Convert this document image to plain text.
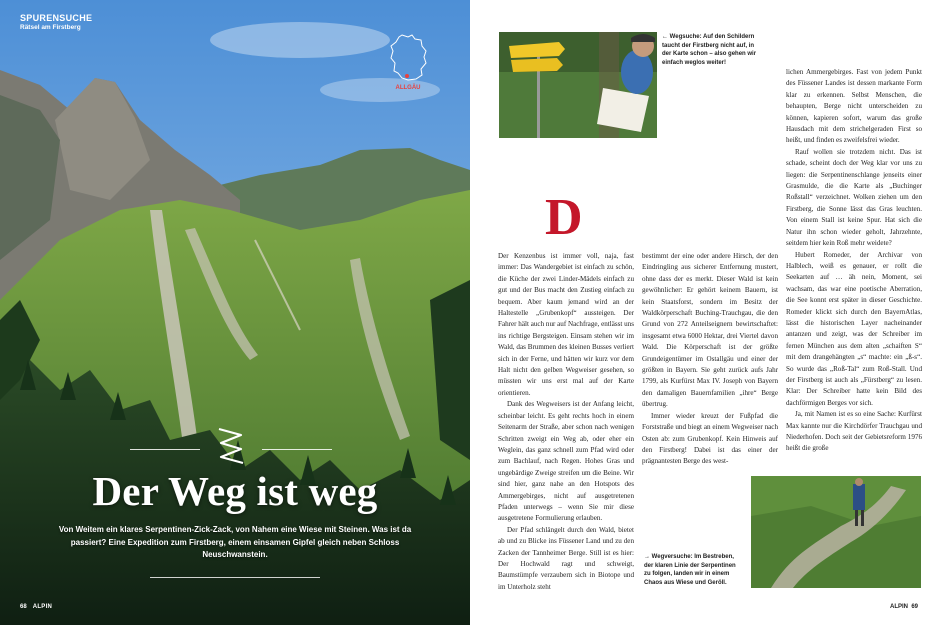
SPURENSUCHE
Rätsel am Firstberg
ALLGÄU
Der Weg ist weg
Von Weitem ein klares Serpentinen-Zick-Zack, von Nahem eine Wiese mit Steinen. Was ist da passiert? Eine Expedition zum Firstberg, einem einsamen Gipfel gleich neben Schloss Neuschwanstein.
68 ALPIN
← Wegsuche: Auf den Schildern taucht der Firstberg nicht auf, in der Karte schon – also gehen wir einfach weglos weiter!
D

Der Kenzenbus ist immer voll, naja, fast immer: Das Wandergebiet ist einfach zu schön, die Küche der zwei Linder-Mädels einfach zu gut und der Bus macht den Zustieg einfach zu bequem. Aber kaum jemand wird an der Haltestelle „Grubenkopf“ aussteigen. Der Fahrer hält auch nur auf Nachfrage, entlässt uns ins richtige Bergsteigen. Einsam stehen wir im Wald, das Brummen des kleinen Busses verliert sich in der Ferne, und hätten wir kurz vor dem Halt nicht den gelben Wegweiser gesehen, so müssten wir uns erst mal auf der Karte orientieren.

Dank des Wegweisers ist der Anfang leicht, scheinbar leicht. Es geht rechts hoch in einem Seitenarm der Straße, aber schon nach wenigen Schritten zweigt ein Weg ab, oder eher ein Weglein, das ganz schnell zum Pfad wird oder zum Bachlauf, nach Regen. Hohes Gras und ungebärdige Zweige streifen um die Beine. Wir sind hier, ganz nahe an den Hotspots des Ammergebirges, nicht auf ausgetretenen Pfaden unterwegs – wenn Sie mir diese ausgetretene Formulierung erlauben.

Der Pfad schlängelt durch den Wald, bietet ab und zu Blicke ins Füssener Land und zu den Zacken der Tannheimer Berge. Still ist es hier: Der Hochwald ragt und schweigt, Baumstümpfe verzaubern sich in Biotope und im Unterholz steht

bestimmt der eine oder andere Hirsch, der den Eindringling aus sicherer Entfernung mustert, ohne dass der es merkt. Dieser Wald ist kein gewöhnlicher: Er gehört keinem Bauern, ist kein Staatsforst, sondern im Besitz der Waldkörperschaft Buching-Trauchgau, die den Grund von 272 Anteilseignern bewirtschaftet: insgesamt etwa 6000 Hektar, drei Viertel davon Wald. Die Körperschaft ist der größte Grundeigentümer im Ostallgäu und einer der größten in Bayern. Sie geht zurück aufs Jahr 1799, als Kurfürst Max IV. Joseph von Bayern den damaligen Bauernfamilien „ihre“ Berge übertrug.

Immer wieder kreuzt der Fußpfad die Forststraße und biegt an einem Wegweiser nach Osten ab: zum Grubenkopf. Kein Hinweis auf den Firstberg! Dabei ist das einer der prägnantesten Berge des west-

lichen Ammergebirges. Fast von jedem Punkt des Füssener Landes ist dessen markante Form klar zu erkennen. Selbst Menschen, die behaupten, Berge nicht unterscheiden zu können, kapieren sofort, warum das große Hausdach mit dem strichelgeraden First so heißt, und finden es zweifelsfrei wieder.

Rauf wollen sie trotzdem nicht. Das ist schade, scheint doch der Weg klar vor uns zu liegen: die Serpentinenschlange jenseits einer Grasmulde, die die Karte als „Buchinger Roßstall“ verzeichnet. Wolken ziehen um den Firstberg, die Sonne lässt das Gras leuchten. Von einem Stall ist keine Spur. Hat sich die Natur ihn schon wieder geholt, Jahrzehnte, seitdem hier kein Roß mehr weidete?

Hubert Romeder, der Archivar von Halblech, weiß es genauer, er rollt die Seekarten auf … äh nein, Moment, sei wachsam, das war eine poetische Aberration, die See konnt erst später in dieser Geschichte. Romeder klickt sich durch den BayernAtlas, lässt die historischen Layer nacheinander antanzen und zeigt, was der Schreiber im fernen München aus dem alten „schaiften S“ mit dem drangehängten „s“ machte: ein „ß-s“. So wurde das „Roß-Tal“ zum Roß-Stall. Und der Firstberg ist auch als „Fürstberg“ zu lesen. Klar: Der Schreiber hatte kein Bild des dachförmigen Berges vor sich.

Ja, mit Namen ist es so eine Sache: Kurfürst Max kannte nur die Kirchdörfer Trauchgau und Niederhofen. Doch seit der Gebietsreform 1976 heißt die große

→ Wegversuche: Im Bestreben, der klaren Linie der Serpentinen zu folgen, landen wir in einem Chaos aus Wiese und Geröll.
ALPIN 69
